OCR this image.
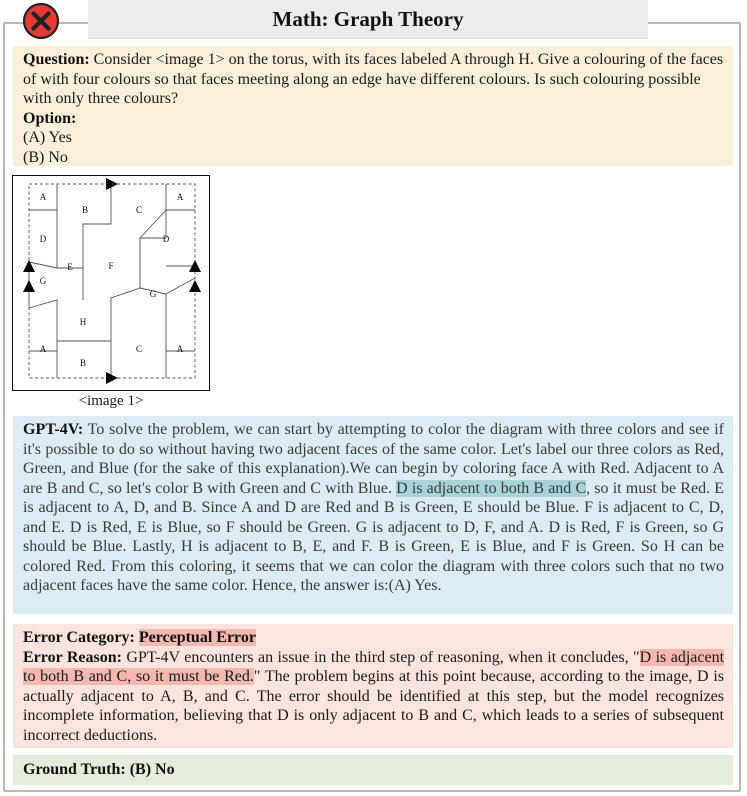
Math: Graph Theory
Question: Consider <image 1> on the torus, with its faces labeled A through H. Give a colouring of the faces of with four colours so that faces meeting along an edge have different colours. Is such colouring possible with only three colours?
Option:
(A) Yes
(B) No
A
B	C
A
D	D
E	F
G
G
H
A
B
C	A
<image 1>
GPT-4V: To solve the problem, we can start by attempting to color the diagram with three colors and see if it's possible to do so without having two adjacent faces of the same color. Let's label our three colors as Red, Green, and Blue (for the sake of this explanation).We can begin by coloring face A with Red. Adjacent to A are B and C, so let's color B with Green and C with Blue. D is adjacent to both B and C, so it must be Red. E is adjacent to A, D, and B. Since A and D are Red and B is Green, E should be Blue. F is adjacent to C, D, and E. D is Red, E is Blue, so F should be Green. G is adjacent to D, F, and A. D is Red, F is Green, so G should be Blue. Lastly, H is adjacent to B, E, and F. B is Green, E is Blue, and F is Green. So H can be colored Red. From this coloring, it seems that we can color the diagram with three colors such that no two adjacent faces have the same color. Hence, the answer is:(A) Yes.
Error Category: Perceptual Error
Error Reason: GPT-4V encounters an issue in the third step of reasoning, when it concludes, "D is adjacent to both B and C, so it must be Red." The problem begins at this point because, according to the image, D is actually adjacent to A, B, and C. The error should be identified at this step, but the model recognizes incomplete information, believing that D is only adjacent to B and C, which leads to a series of subsequent incorrect deductions.
Ground Truth: (B) No
